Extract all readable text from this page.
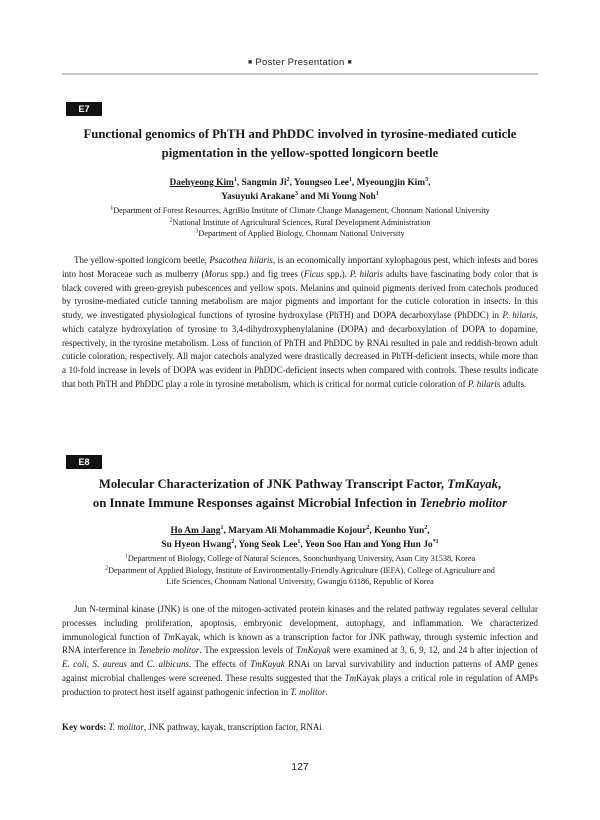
■ Poster Presentation ■
E7
Functional genomics of PhTH and PhDDC involved in tyrosine-mediated cuticle pigmentation in the yellow-spotted longicorn beetle
Daehyeong Kim$^1$, Sangmin Ji$^2$, Youngseo Lee$^1$, Myeoungjin Kim$^3$,
Yasuyuki Arakane$^3$ and Mi Young Noh$^1$
$^1$Department of Forest Resources, AgriBio Institute of Climate Change Management, Chonnam National University
$^2$National Institute of Agricultural Sciences, Rural Development Administration
$^3$Department of Applied Biology, Chonnam National University
The yellow-spotted longicorn beetle, Psacothea hilaris, is an economically important xylophagous pest, which infests and bores into host Moraceae such as mulberry (Morus spp.) and fig trees (Ficus spp.). P. hilaris adults have fascinating body color that is black covered with green-greyish pubescences and yellow spots. Melanins and quinoid pigments derived from catechols produced by tyrosine-mediated cuticle tanning metabolism are major pigments and important for the cuticle coloration in insects. In this study, we investigated physiological functions of tyrosine hydroxylase (PhTH) and DOPA decarboxylase (PhDDC) in P. hilaris, which catalyze hydroxylation of tyrosine to 3,4-dihydroxyphenylalanine (DOPA) and decarboxylation of DOPA to dopamine, respectively, in the tyrosine metabolism. Loss of function of PhTH and PhDDC by RNAi resulted in pale and reddish-brown adult cuticle coloration, respectively. All major catechols analyzed were drastically decreased in PhTH-deficient insects, while more than a 10-fold increase in levels of DOPA was evident in PhDDC-deficient insects when compared with controls. These results indicate that both PhTH and PhDDC play a role in tyrosine metabolism, which is critical for normal cuticle coloration of P. hilaris adults.
E8
Molecular Characterization of JNK Pathway Transcript Factor, TmKayak,
on Innate Immune Responses against Microbial Infection in Tenebrio molitor
Ho Am Jang$^1$, Maryam Ali Mohammadie Kojour$^2$, Keunho Yun$^2$,
Su Hyeon Hwang$^2$, Yong Seok Lee$^1$, Yeon Soo Han and Yong Hun Jo$^{*1}$
$^1$Department of Biology, College of Natural Sciences, Soonchunhyang University, Asan City 31538, Korea
$^2$Department of Applied Biology, Institute of Environmentally-Friendly Agriculture (IEFA), College of Agriculture and
Life Sciences, Chonnam National University, Gwangju 61186, Republic of Korea
Jun N-terminal kinase (JNK) is one of the mitogen-activated protein kinases and the related pathway regulates several cellular processes including proliferation, apoptosis, embryonic development, autophagy, and inflammation. We characterized immunological function of TmKayak, which is known as a transcription factor for JNK pathway, through systemic infection and RNA interference in Tenebrio molitor. The expression levels of TmKayak were examined at 3, 6, 9, 12, and 24 h after injection of E. coli, S. aureus and C. albicans. The effects of TmKayak RNAi on larval survivability and induction patterns of AMP genes against microbial challenges were screened. These results suggested that the TmKayak plays a critical role in regulation of AMPs production to protect host itself against pathogenic infection in T. molitor.
Key words: T. molitor, JNK pathway, kayak, transcription factor, RNAi
127
